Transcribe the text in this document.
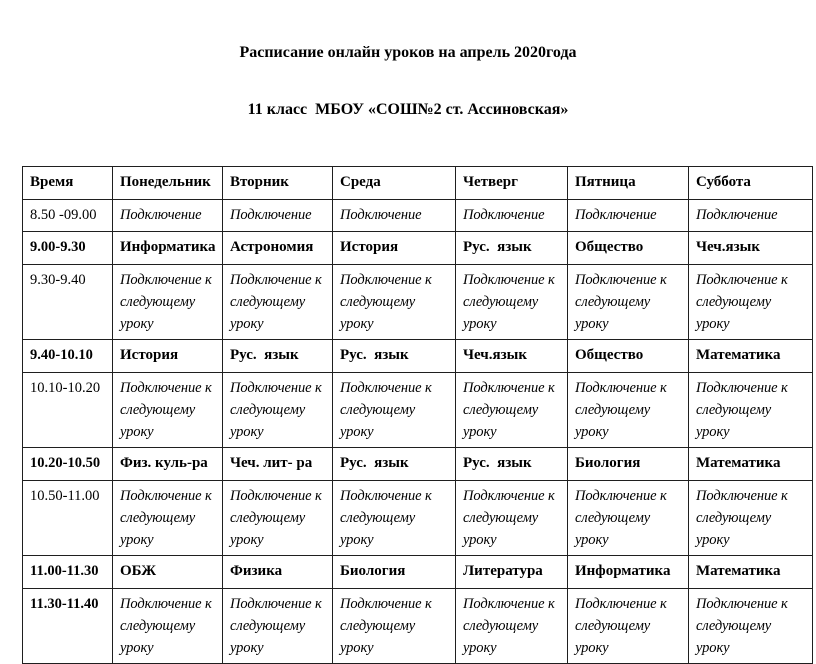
Расписание онлайн уроков на апрель 2020года

11 класс  МБОУ «СОШ№2 ст. Ассиновская»

Время	Понедельник	Вторник	Среда	Четверг	Пятница	Суббота
8.50 -09.00	Подключение	Подключение	Подключение	Подключение	Подключение	Подключение
9.00-9.30	Информатика	Астрономия	История	Рус.  язык	Общество	Чеч.язык
9.30-9.40	Подключение к следующему уроку	Подключение к следующему уроку	Подключение к следующему уроку	Подключение к следующему уроку	Подключение к следующему уроку	Подключение к следующему уроку
9.40-10.10	История	Рус.  язык	Рус.  язык	Чеч.язык	Общество	Математика
10.10-10.20	Подключение к следующему уроку	Подключение к следующему уроку	Подключение к следующему уроку	Подключение к следующему уроку	Подключение к следующему уроку	Подключение к следующему уроку
10.20-10.50	Физ. куль-ра	Чеч. лит- ра	Рус.  язык	Рус.  язык	Биология	Математика
10.50-11.00	Подключение к следующему уроку	Подключение к следующему уроку	Подключение к следующему уроку	Подключение к следующему уроку	Подключение к следующему уроку	Подключение к следующему уроку
11.00-11.30	ОБЖ	Физика	Биология	Литература	Информатика	Математика
11.30-11.40	Подключение к следующему уроку	Подключение к следующему уроку	Подключение к следующему уроку	Подключение к следующему уроку	Подключение к следующему уроку	Подключение к следующему уроку
